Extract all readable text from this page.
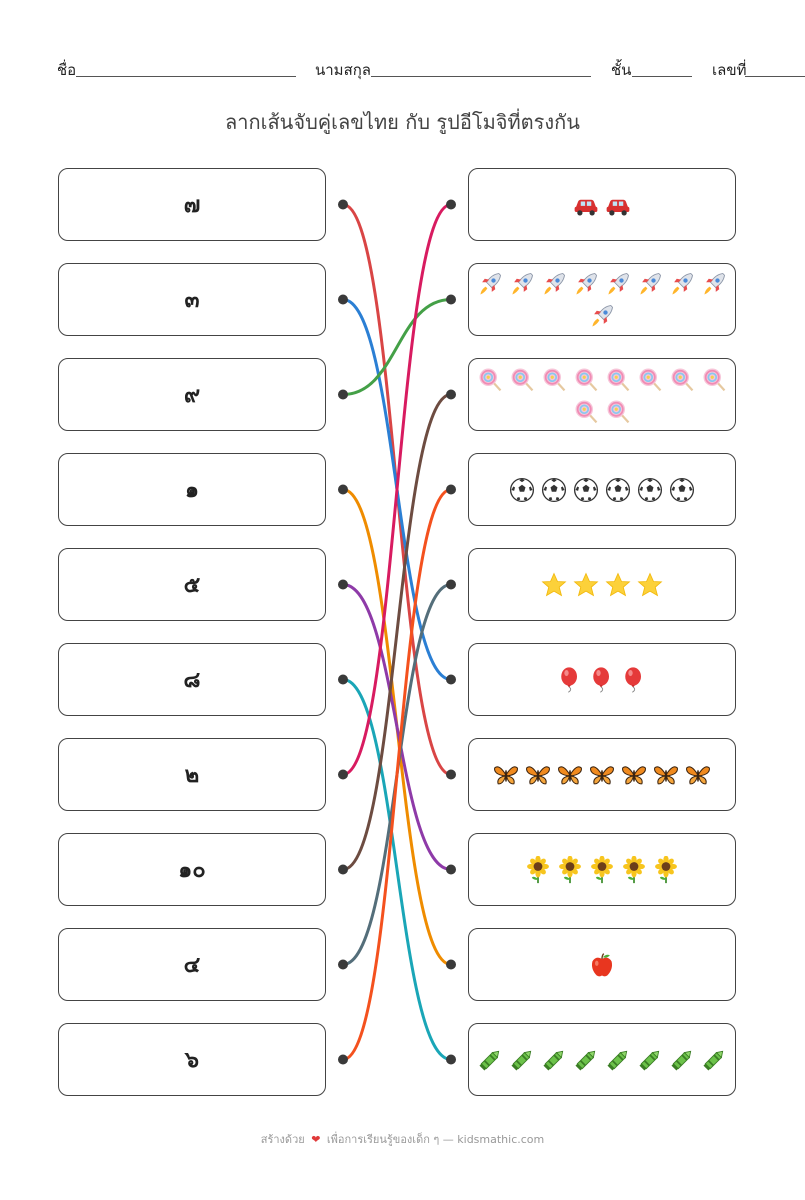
ชื่อ	นามสกุล	ชั้น	เลขที่
ลากเส้นจับคู่เลขไทย กับ รูปอีโมจิที่ตรงกัน
๗
๓
๙
๑
๕
๘
๒
๑๐
๔
๖
สร้างด้วย ❤ เพื่อการเรียนรู้ของเด็ก ๆ — kidsmathic.com
